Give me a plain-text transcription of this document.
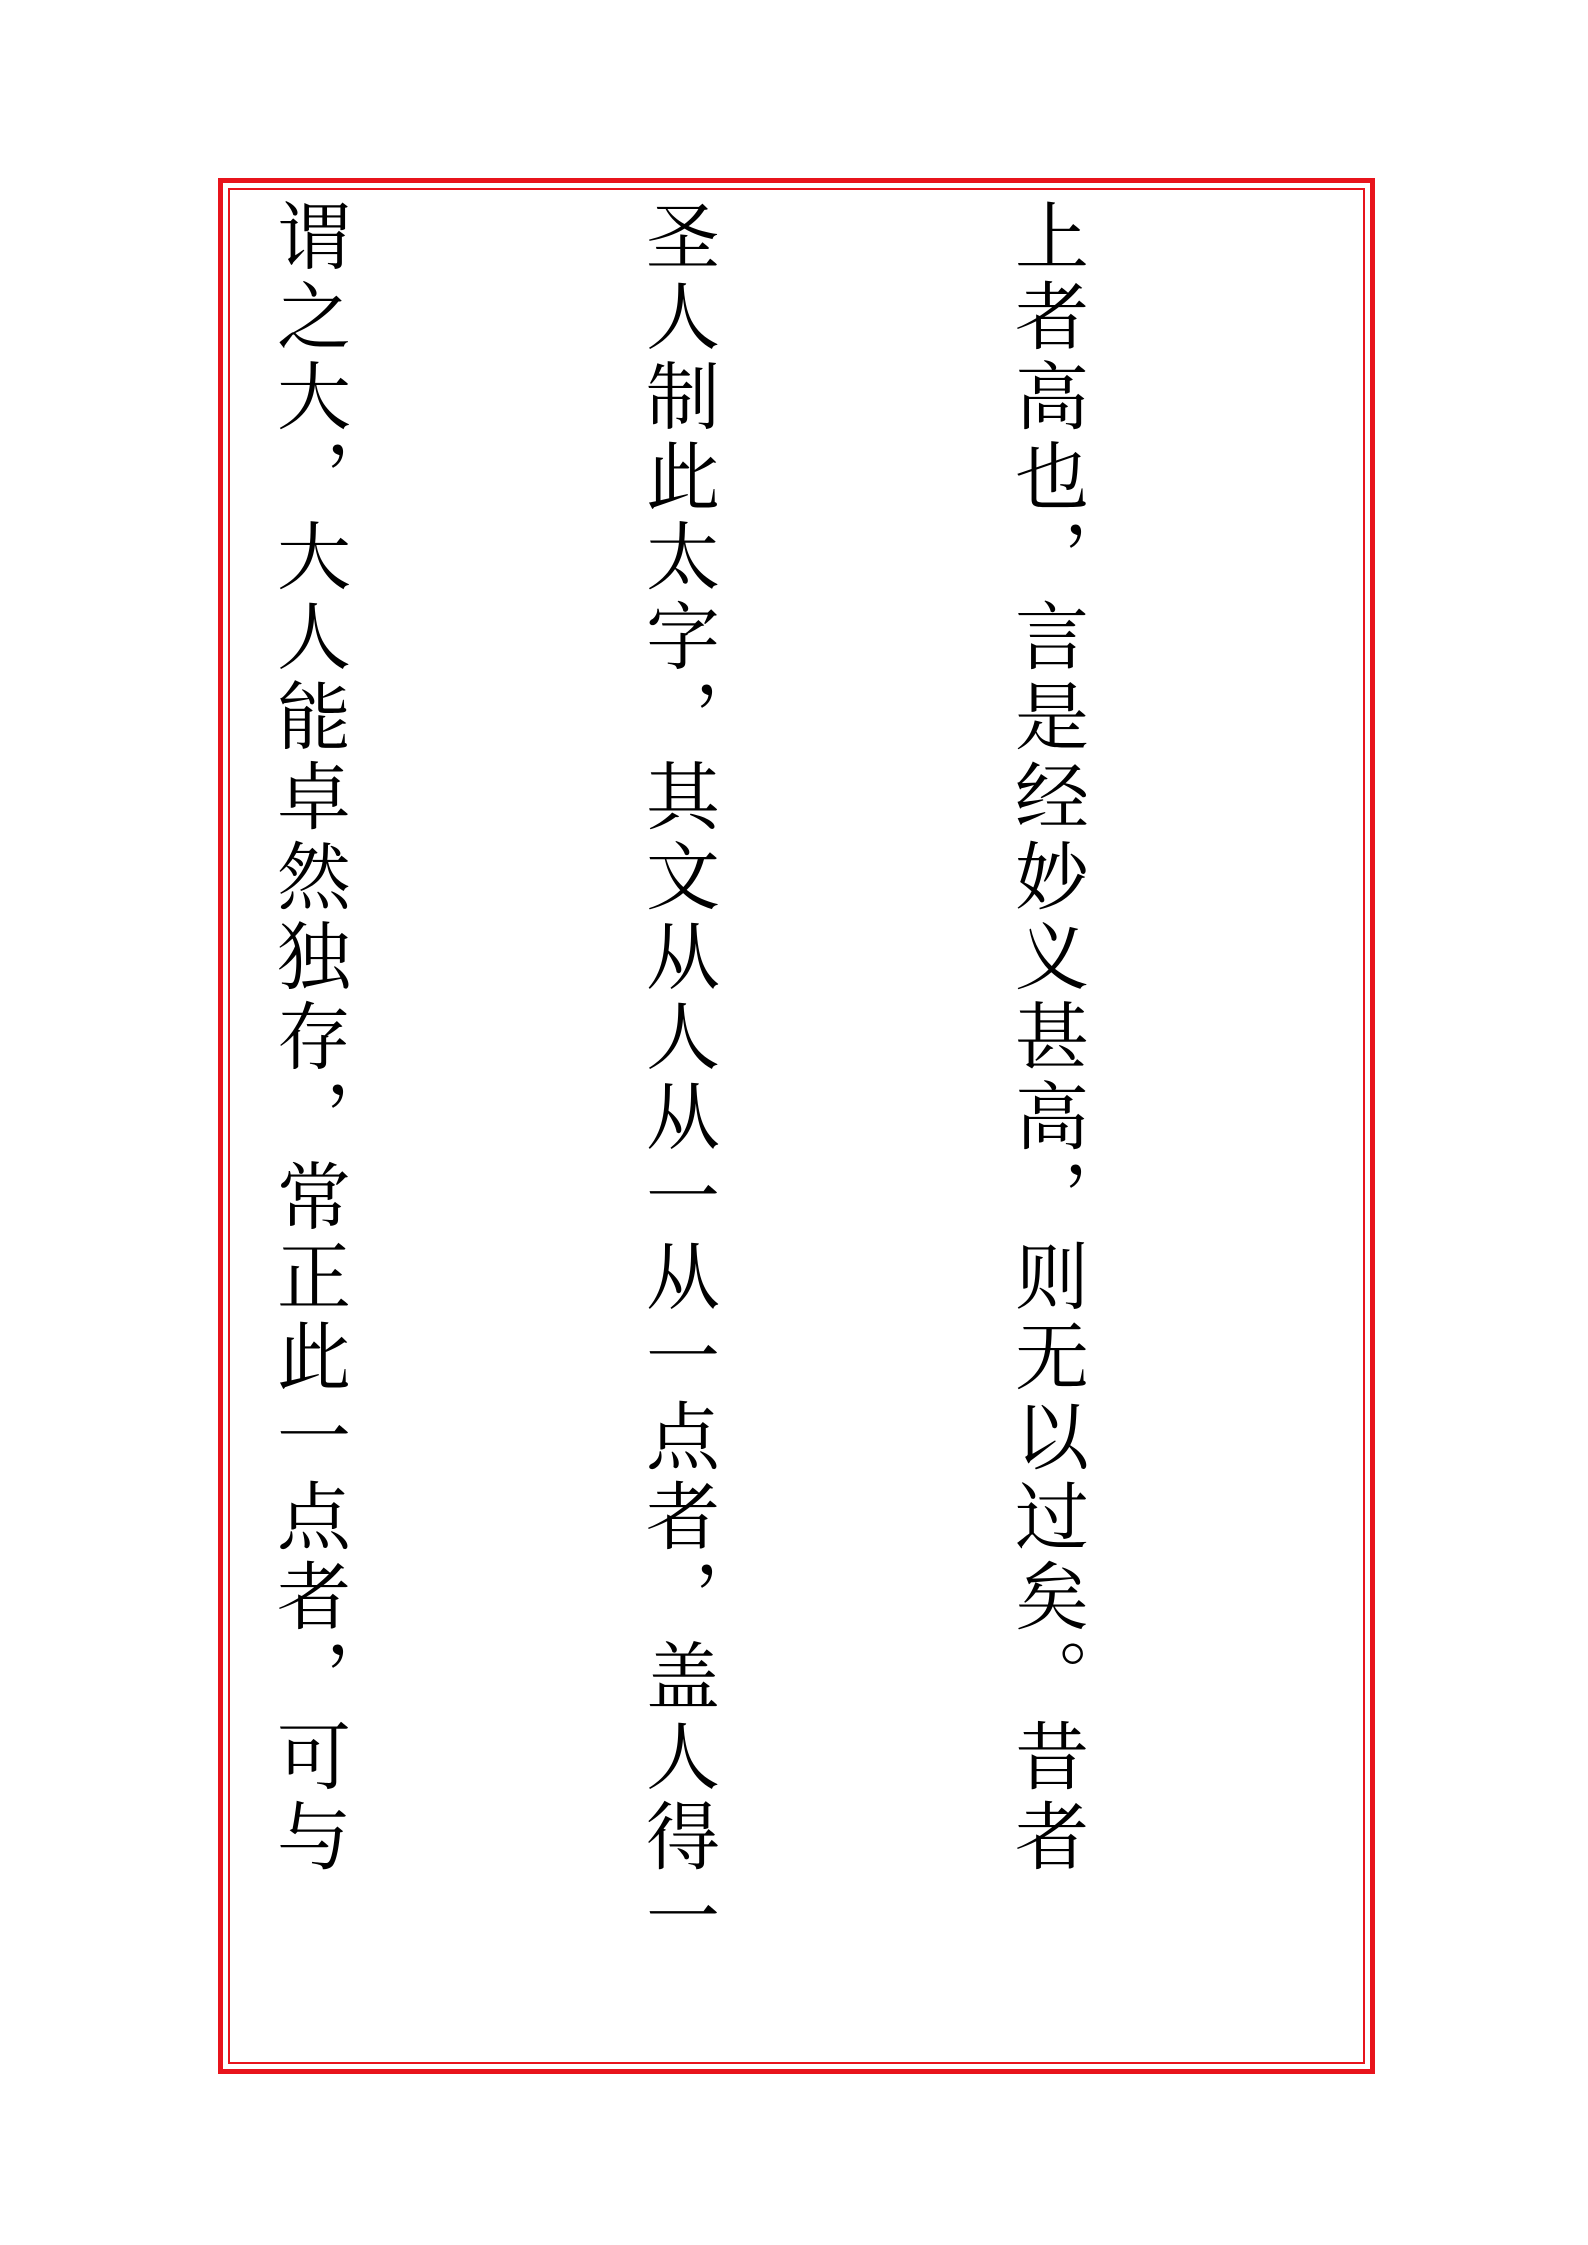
上者高也，言是经妙义甚高，则无以过矣。昔者

圣人制此太字，其文从人从一从一点者，盖人得一

谓之大，大人能卓然独存，常正此一点者，可与
